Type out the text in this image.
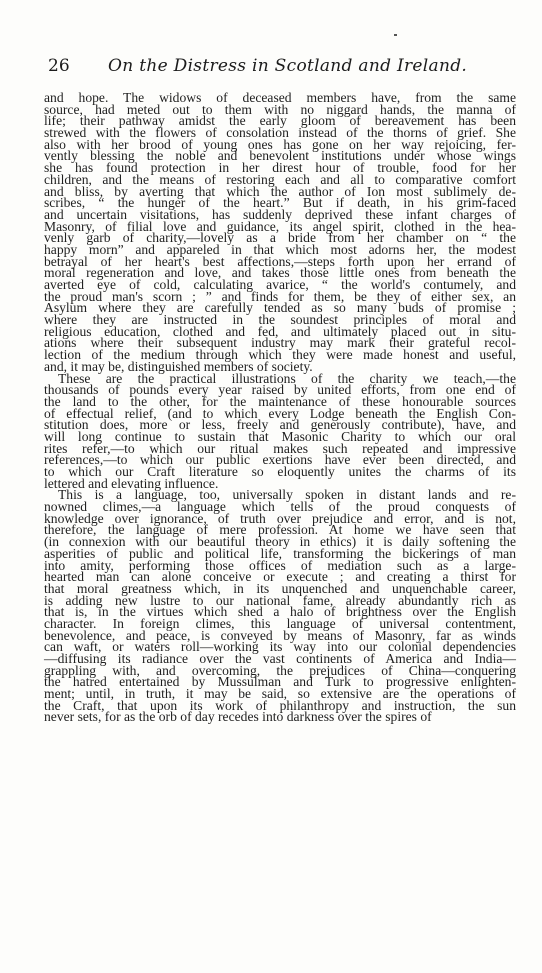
26 On the Distress in Scotland and Ireland.
and hope. The widows of deceased members have, from the same
source, had meted out to them with no niggard hands, the manna of
life; their pathway amidst the early gloom of bereavement has been
strewed with the flowers of consolation instead of the thorns of grief. She
also with her brood of young ones has gone on her way rejoicing, fer-
vently blessing the noble and benevolent institutions under whose wings
she has found protection in her direst hour of trouble, food for her
children, and the means of restoring each and all to comparative comfort
and bliss, by averting that which the author of Ion most sublimely de-
scribes, “ the hunger of the heart.” But if death, in his grim-faced
and uncertain visitations, has suddenly deprived these infant charges of
Masonry, of filial love and guidance, its angel spirit, clothed in the hea-
venly garb of charity,—lovely as a bride from her chamber on “ the
happy morn” and appareled in that which most adorns her, the modest
betrayal of her heart's best affections,—steps forth upon her errand of
moral regeneration and love, and takes those little ones from beneath the
averted eye of cold, calculating avarice, “ the world's contumely, and
the proud man's scorn ; ” and finds for them, be they of either sex, an
Asylum where they are carefully tended as so many buds of promise ;
where they are instructed in the soundest principles of moral and
religious education, clothed and fed, and ultimately placed out in situ-
ations where their subsequent industry may mark their grateful recol-
lection of the medium through which they were made honest and useful,
and, it may be, distinguished members of society.
These are the practical illustrations of the charity we teach,—the
thousands of pounds every year raised by united efforts, from one end of
the land to the other, for the maintenance of these honourable sources
of effectual relief, (and to which every Lodge beneath the English Con-
stitution does, more or less, freely and generously contribute), have, and
will long continue to sustain that Masonic Charity to which our oral
rites refer,—to which our ritual makes such repeated and impressive
references,—to which our public exertions have ever been directed, and
to which our Craft literature so eloquently unites the charms of its
lettered and elevating influence.
This is a language, too, universally spoken in distant lands and re-
nowned climes,—a language which tells of the proud conquests of
knowledge over ignorance, of truth over prejudice and error, and is not,
therefore, the language of mere profession. At home we have seen that
(in connexion with our beautiful theory in ethics) it is daily softening the
asperities of public and political life, transforming the bickerings of man
into amity, performing those offices of mediation such as a large-
hearted man can alone conceive or execute ; and creating a thirst for
that moral greatness which, in its unquenched and unquenchable career,
is adding new lustre to our national fame, already abundantly rich as
that is, in the virtues which shed a halo of brightness over the English
character. In foreign climes, this language of universal contentment,
benevolence, and peace, is conveyed by means of Masonry, far as winds
can waft, or waters roll—working its way into our colonial dependencies
—diffusing its radiance over the vast continents of America and India—
grappling with, and overcoming, the prejudices of China—conquering
the hatred entertained by Mussulman and Turk to progressive enlighten-
ment; until, in truth, it may be said, so extensive are the operations of
the Craft, that upon its work of philanthropy and instruction, the sun
never sets, for as the orb of day recedes into darkness over the spires of
